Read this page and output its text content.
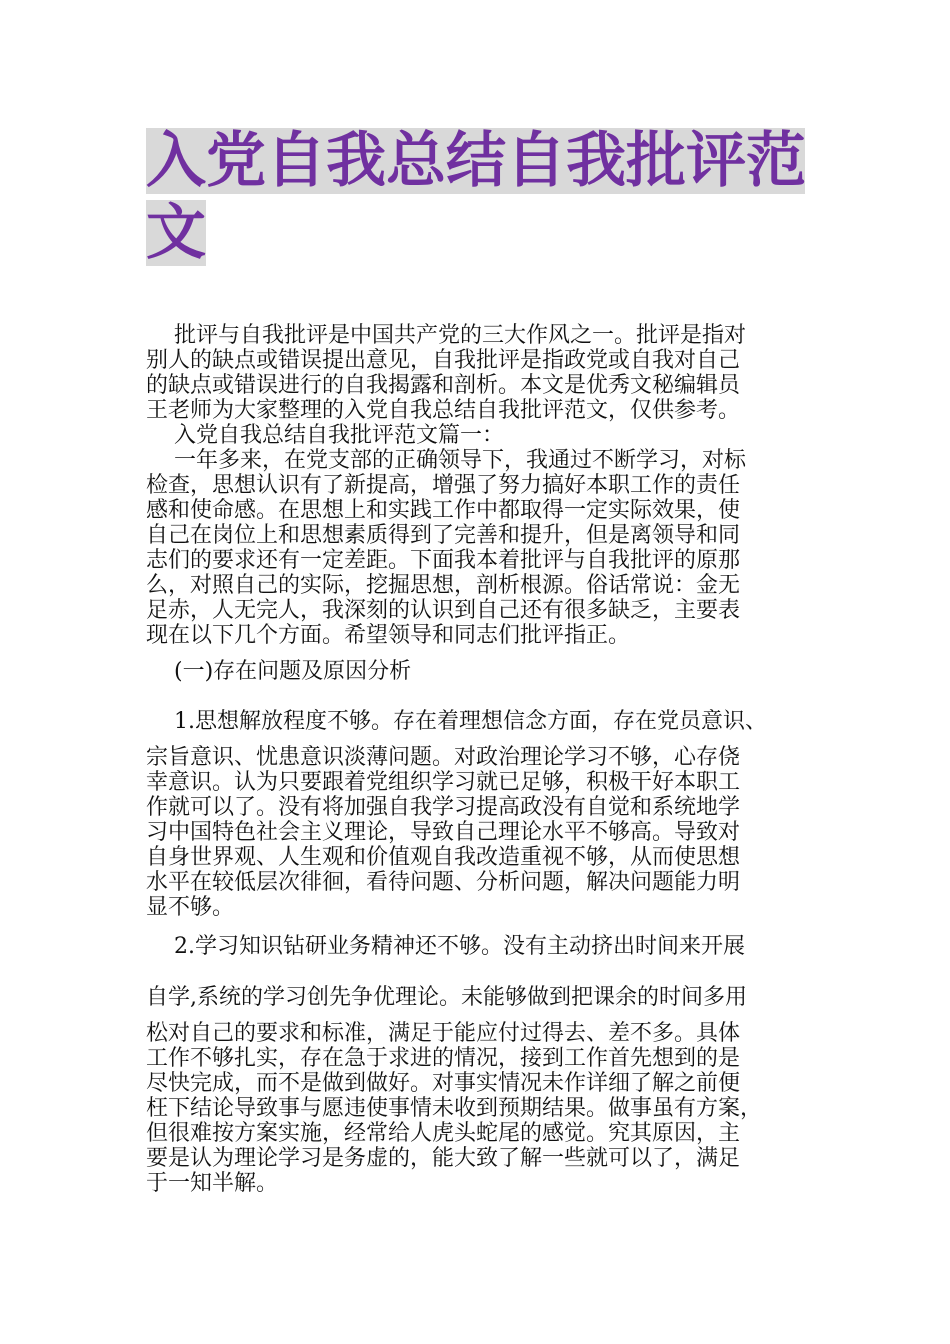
入党自我总结自我批评范
文
批评与自我批评是中国共产党的三大作风之一。批评是指对
别人的缺点或错误提出意见，自我批评是指政党或自我对自己
的缺点或错误进行的自我揭露和剖析。本文是优秀文秘编辑员
王老师为大家整理的入党自我总结自我批评范文，仅供参考。
入党自我总结自我批评范文篇一：
一年多来，在党支部的正确领导下，我通过不断学习，对标
检查，思想认识有了新提高，增强了努力搞好本职工作的责任
感和使命感。在思想上和实践工作中都取得一定实际效果，使
自己在岗位上和思想素质得到了完善和提升，但是离领导和同
志们的要求还有一定差距。下面我本着批评与自我批评的原那
么，对照自己的实际，挖掘思想，剖析根源。俗话常说：金无
足赤，人无完人，我深刻的认识到自己还有很多缺乏，主要表
现在以下几个方面。希望领导和同志们批评指正。
(一)存在问题及原因分析
1.思想解放程度不够。存在着理想信念方面，存在党员意识、
宗旨意识、忧患意识淡薄问题。对政治理论学习不够，心存侥
幸意识。认为只要跟着党组织学习就已足够，积极干好本职工
作就可以了。没有将加强自我学习提高政没有自觉和系统地学
习中国特色社会主义理论，导致自己理论水平不够高。导致对
自身世界观、人生观和价值观自我改造重视不够，从而使思想
水平在较低层次徘徊，看待问题、分析问题，解决问题能力明
显不够。
2.学习知识钻研业务精神还不够。没有主动挤出时间来开展
自学,系统的学习创先争优理论。未能够做到把课余的时间多用
松对自己的要求和标准，满足于能应付过得去、差不多。具体
工作不够扎实，存在急于求进的情况，接到工作首先想到的是
尽快完成，而不是做到做好。对事实情况未作详细了解之前便
枉下结论导致事与愿违使事情未收到预期结果。做事虽有方案，
但很难按方案实施，经常给人虎头蛇尾的感觉。究其原因，主
要是认为理论学习是务虚的，能大致了解一些就可以了，满足
于一知半解。
